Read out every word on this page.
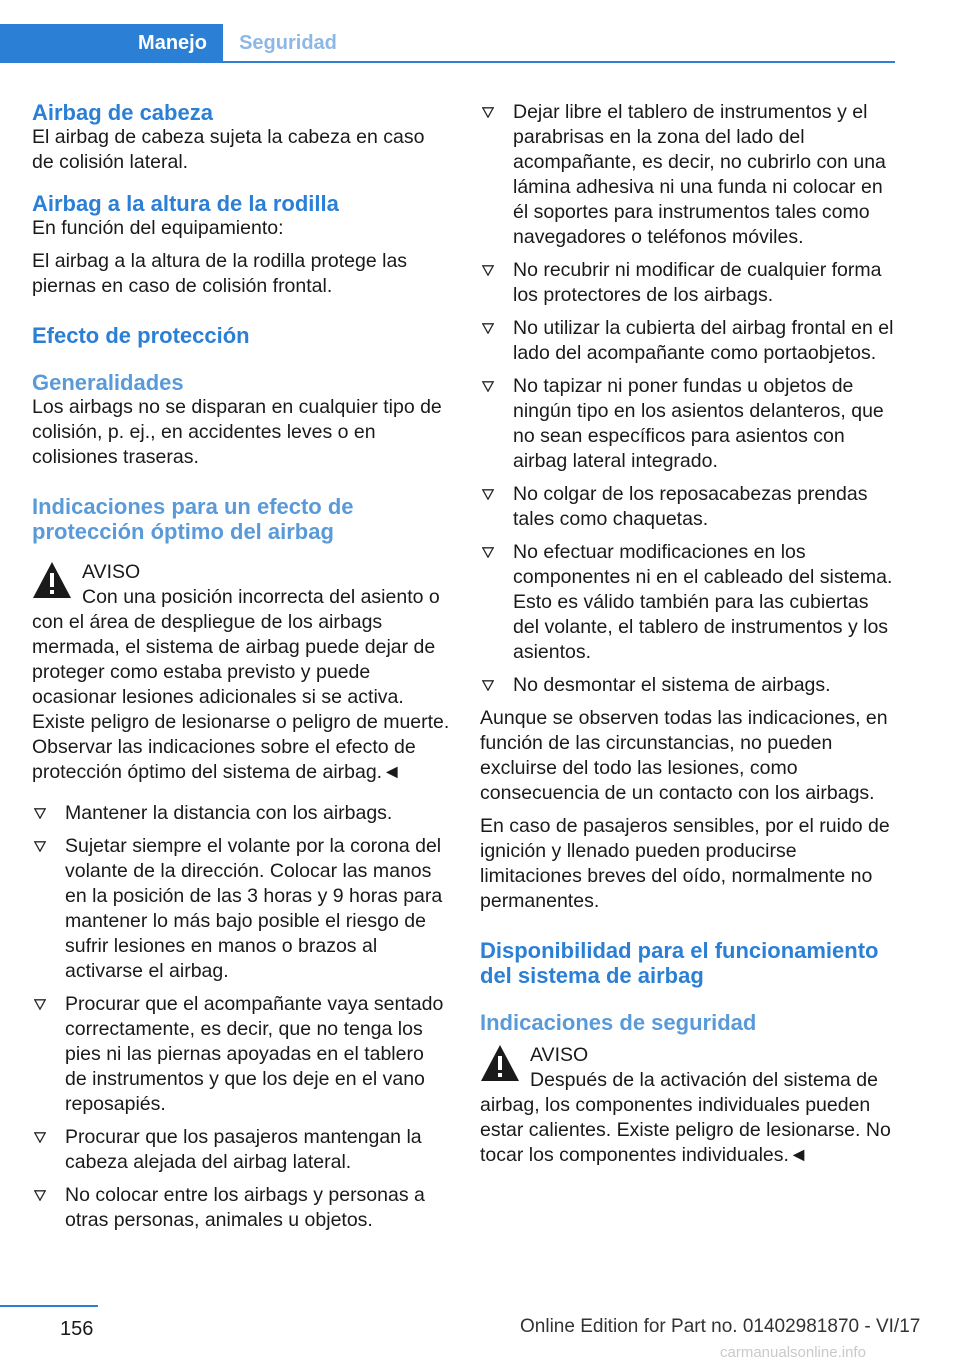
Manejo	Seguridad
Airbag de cabeza

El airbag de cabeza sujeta la cabeza en caso de colisión lateral.

Airbag a la altura de la rodilla

En función del equipamiento:

El airbag a la altura de la rodilla protege las piernas en caso de colisión frontal.

Efecto de protección
Generalidades

Los airbags no se disparan en cualquier tipo de colisión, p. ej., en accidentes leves o en colisiones traseras.

Indicaciones para un efecto de protección óptimo del airbag

AVISO

Con una posición incorrecta del asiento o con el área de despliegue de los airbags mermada, el sistema de airbag puede dejar de proteger como estaba previsto y puede ocasionar lesiones adicionales si se activa. Existe peligro de lesionarse o peligro de muerte. Observar las indicaciones sobre el efecto de protección óptimo del sistema de airbag.◄

Mantener la distancia con los airbags.
Sujetar siempre el volante por la corona del volante de la dirección. Colocar las manos en la posición de las 3 horas y 9 horas para mantener lo más bajo posible el riesgo de sufrir lesiones en manos o brazos al activarse el airbag.
Procurar que el acompañante vaya sentado correctamente, es decir, que no tenga los pies ni las piernas apoyadas en el tablero de instrumentos y que los deje en el vano reposapiés.
Procurar que los pasajeros mantengan la cabeza alejada del airbag lateral.
No colocar entre los airbags y personas a otras personas, animales u objetos.
Dejar libre el tablero de instrumentos y el parabrisas en la zona del lado del acompañante, es decir, no cubrirlo con una lámina adhesiva ni una funda ni colocar en él soportes para instrumentos tales como navegadores o teléfonos móviles.
No recubrir ni modificar de cualquier forma los protectores de los airbags.
No utilizar la cubierta del airbag frontal en el lado del acompañante como portaobjetos.
No tapizar ni poner fundas u objetos de ningún tipo en los asientos delanteros, que no sean específicos para asientos con airbag lateral integrado.
No colgar de los reposacabezas prendas tales como chaquetas.
No efectuar modificaciones en los componentes ni en el cableado del sistema. Esto es válido también para las cubiertas del volante, el tablero de instrumentos y los asientos.
No desmontar el sistema de airbags.

Aunque se observen todas las indicaciones, en función de las circunstancias, no pueden excluirse del todo las lesiones, como consecuencia de un contacto con los airbags.

En caso de pasajeros sensibles, por el ruido de ignición y llenado pueden producirse limitaciones breves del oído, normalmente no permanentes.

Disponibilidad para el funcionamiento del sistema de airbag
Indicaciones de seguridad

AVISO

Después de la activación del sistema de airbag, los componentes individuales pueden estar calientes. Existe peligro de lesionarse. No tocar los componentes individuales.◄

156	Online Edition for Part no. 01402981870 - VI/17
carmanualsonline.info
